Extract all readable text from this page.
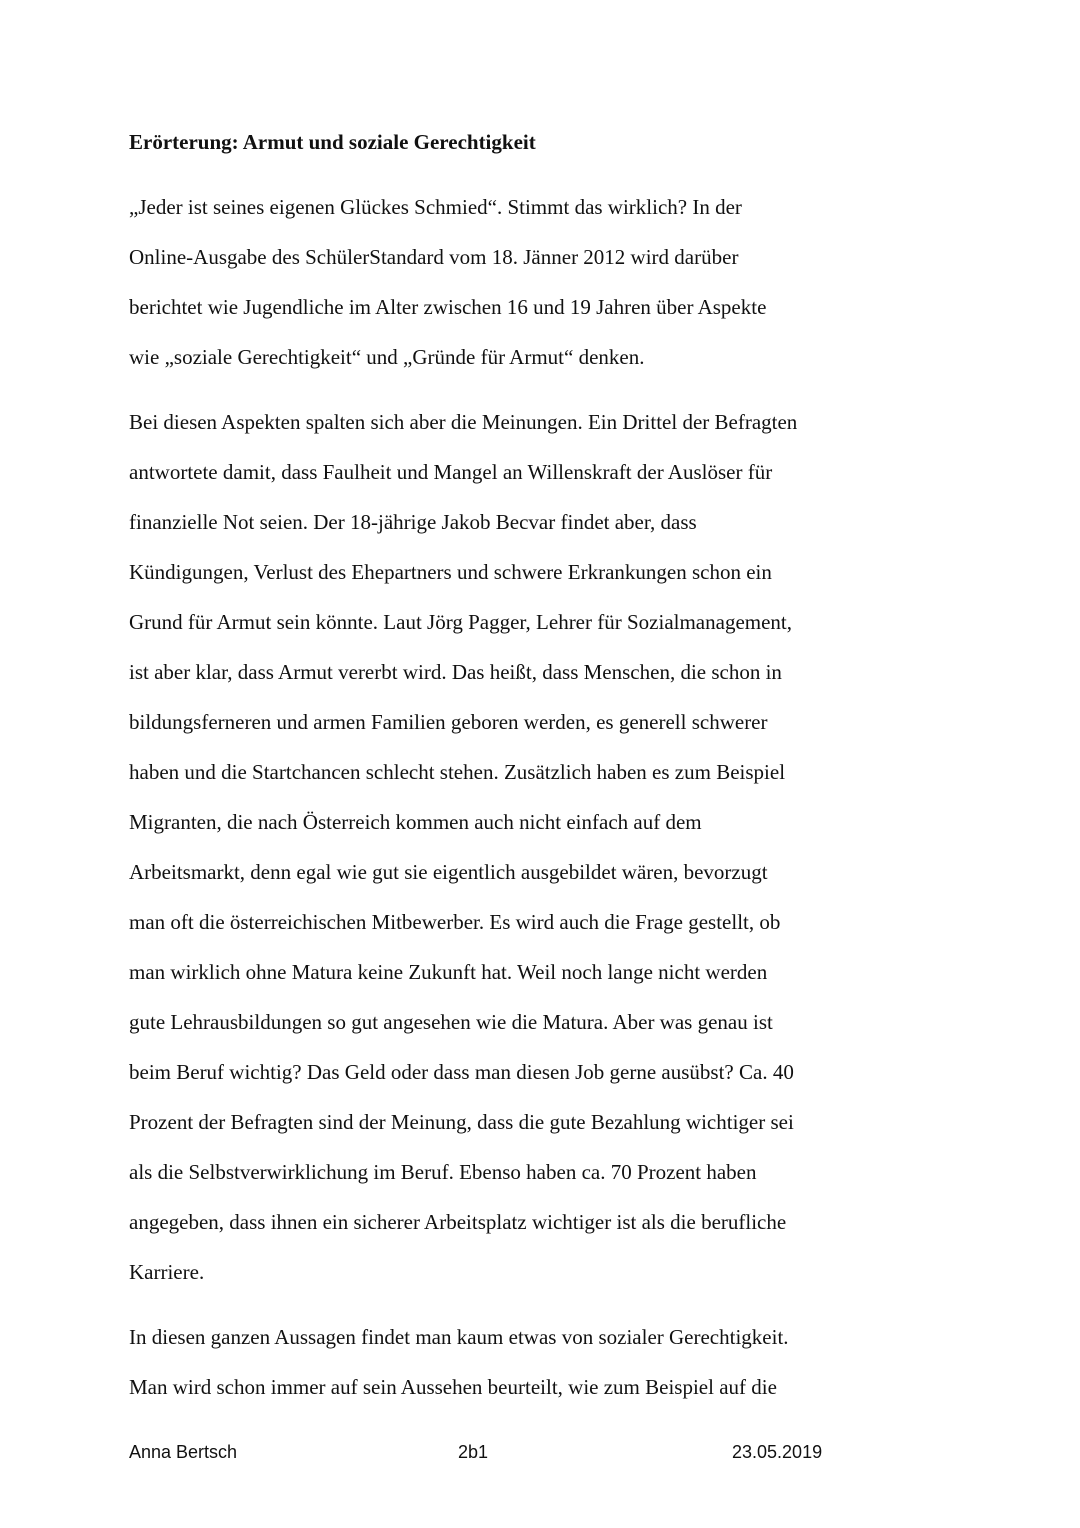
Erörterung: Armut und soziale Gerechtigkeit
„Jeder ist seines eigenen Glückes Schmied“. Stimmt das wirklich? In der
Online-Ausgabe des SchülerStandard vom 18. Jänner 2012 wird darüber
berichtet wie Jugendliche im Alter zwischen 16 und 19 Jahren über Aspekte
wie „soziale Gerechtigkeit“ und „Gründe für Armut“ denken.
Bei diesen Aspekten spalten sich aber die Meinungen. Ein Drittel der Befragten
antwortete damit, dass Faulheit und Mangel an Willenskraft der Auslöser für
finanzielle Not seien. Der 18-jährige Jakob Becvar findet aber, dass
Kündigungen, Verlust des Ehepartners und schwere Erkrankungen schon ein
Grund für Armut sein könnte. Laut Jörg Pagger, Lehrer für Sozialmanagement,
ist aber klar, dass Armut vererbt wird. Das heißt, dass Menschen, die schon in
bildungsferneren und armen Familien geboren werden, es generell schwerer
haben und die Startchancen schlecht stehen. Zusätzlich haben es zum Beispiel
Migranten, die nach Österreich kommen auch nicht einfach auf dem
Arbeitsmarkt, denn egal wie gut sie eigentlich ausgebildet wären, bevorzugt
man oft die österreichischen Mitbewerber. Es wird auch die Frage gestellt, ob
man wirklich ohne Matura keine Zukunft hat. Weil noch lange nicht werden
gute Lehrausbildungen so gut angesehen wie die Matura. Aber was genau ist
beim Beruf wichtig? Das Geld oder dass man diesen Job gerne ausübst? Ca. 40
Prozent der Befragten sind der Meinung, dass die gute Bezahlung wichtiger sei
als die Selbstverwirklichung im Beruf. Ebenso haben ca. 70 Prozent haben
angegeben, dass ihnen ein sicherer Arbeitsplatz wichtiger ist als die berufliche
Karriere.
In diesen ganzen Aussagen findet man kaum etwas von sozialer Gerechtigkeit.
Man wird schon immer auf sein Aussehen beurteilt, wie zum Beispiel auf die
Anna Bertsch	2b1	23.05.2019
